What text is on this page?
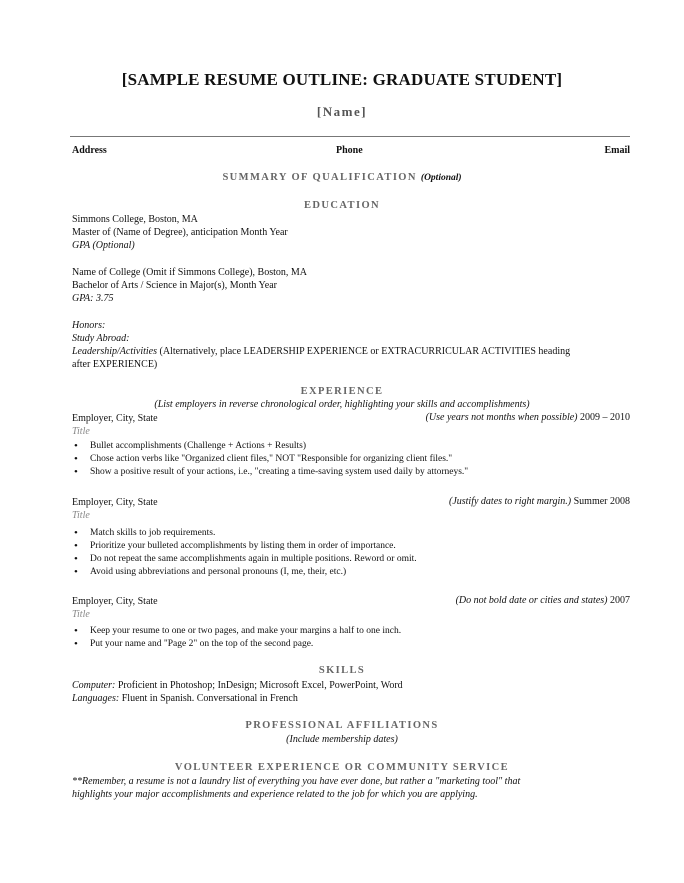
[SAMPLE RESUME OUTLINE: GRADUATE STUDENT]
[Name]
Address	Phone	Email
SUMMARY OF QUALIFICATION (Optional)
EDUCATION
Simmons College, Boston, MA
Master of (Name of Degree), anticipation Month Year
GPA (Optional)
Name of College (Omit if Simmons College), Boston, MA
Bachelor of Arts / Science in Major(s), Month Year
GPA: 3.75
Honors:
Study Abroad:
Leadership/Activities (Alternatively, place LEADERSHIP EXPERIENCE or EXTRACURRICULAR ACTIVITIES heading
after EXPERIENCE)
EXPERIENCE
(List employers in reverse chronological order, highlighting your skills and accomplishments)
Employer, City, State	(Use years not months when possible) 2009 – 2010
Title
• Bullet accomplishments (Challenge + Actions + Results)
• Chose action verbs like "Organized client files," NOT "Responsible for organizing client files."
• Show a positive result of your actions, i.e., "creating a time-saving system used daily by attorneys."
Employer, City, State	(Justify dates to right margin.) Summer 2008
Title
• Match skills to job requirements.
• Prioritize your bulleted accomplishments by listing them in order of importance.
• Do not repeat the same accomplishments again in multiple positions. Reword or omit.
• Avoid using abbreviations and personal pronouns (I, me, their, etc.)
Employer, City, State	(Do not bold date or cities and states) 2007
Title
• Keep your resume to one or two pages, and make your margins a half to one inch.
• Put your name and "Page 2" on the top of the second page.
SKILLS
Computer: Proficient in Photoshop; InDesign; Microsoft Excel, PowerPoint, Word
Languages: Fluent in Spanish. Conversational in French
PROFESSIONAL AFFILIATIONS
(Include membership dates)
VOLUNTEER EXPERIENCE OR COMMUNITY SERVICE
**Remember, a resume is not a laundry list of everything you have ever done, but rather a "marketing tool" that
highlights your major accomplishments and experience related to the job for which you are applying.
